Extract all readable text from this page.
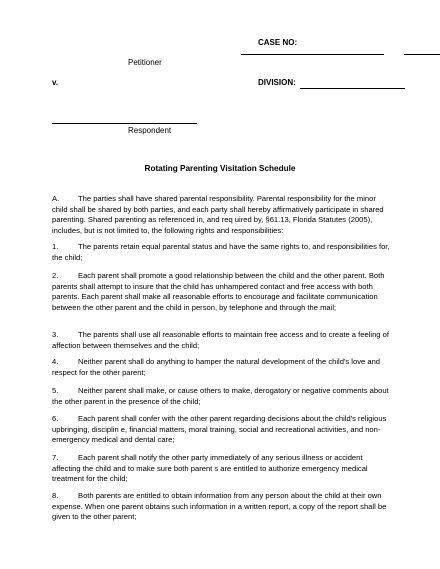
CASE NO:
Petitioner
v.	DIVISION:
Respondent
Rotating Parenting Visitation Schedule
A.	The parties shall have shared parental responsibility. Parental responsibility for the minor child shall be shared by both parties, and each party shall hereby affirmatively participate in shared parenting. Shared parenting as referenced in, and req uired by, §61.13, Florida Statutes (2005), includes, but is not limited to, the following rights and responsibilities:
1.	The parents retain equal parental status and have the same rights to, and responsibilities for, the child;
2.	Each parent shall promote a good relationship between the child and the other parent. Both parents shall attempt to insure that the child has unhampered contact and free access with both parents. Each parent shall make all reasonable efforts to encourage and facilitate communication between the other parent and the child in person, by telephone and through the mail;
3.	The parents shall use all reasonable efforts to maintain free access and to create a feeling of affection between themselves and the child;
4.	Neither parent shall do anything to hamper the natural development of the child's love and respect for the other parent;
5.	Neither parent shall make, or cause others to make, derogatory or negative comments about the other parent in the presence of the child;
6.	Each parent shall confer with the other parent regarding decisions about the child's religious upbringing, disciplin e, financial matters, moral training, social and recreational activities, and non-emergency medical and dental care;
7.	Each parent shall notify the other party immediately of any serious illness or accident affecting the child and to make sure both parent s are entitled to authorize emergency medical treatment for the child;
8.	Both parents are entitled to obtain information from any person about the child at their own expense. When one parent obtains such information in a written report, a copy of the report shall be given to the other parent;
